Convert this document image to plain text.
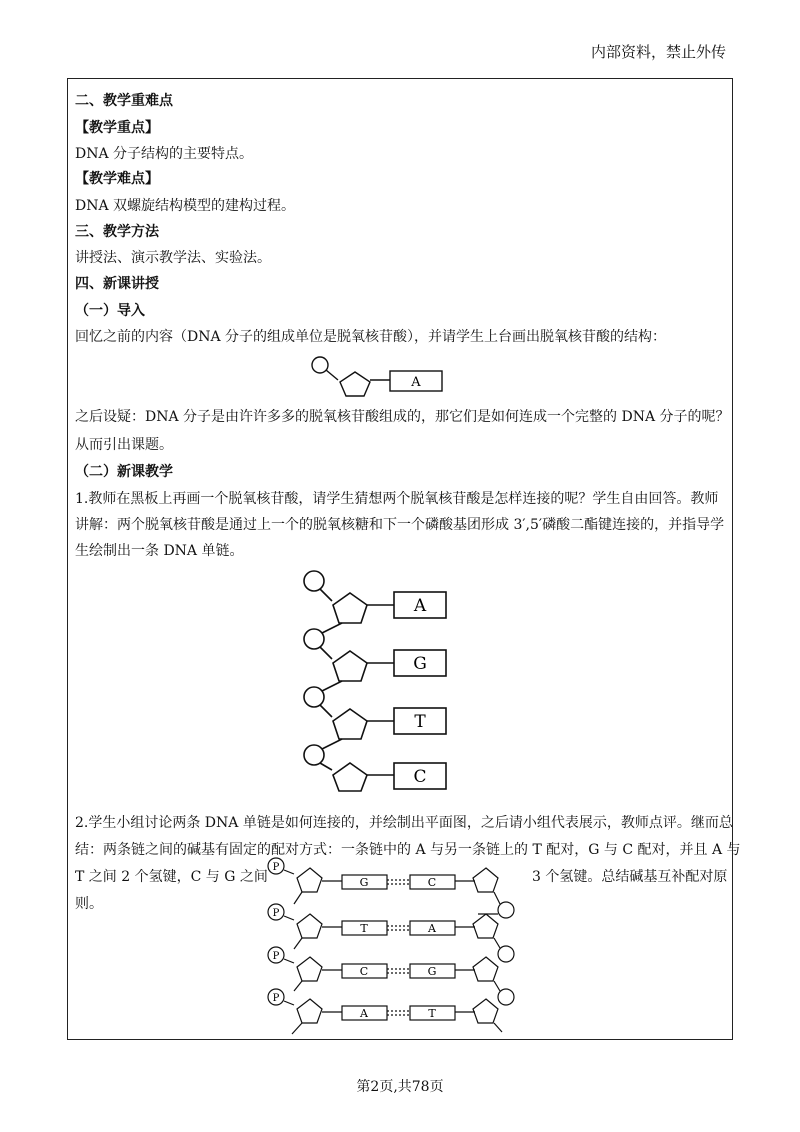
内部资料，禁止外传
二、教学重难点
【教学重点】
DNA 分子结构的主要特点。
【教学难点】
DNA 双螺旋结构模型的建构过程。
三、教学方法
讲授法、演示教学法、实验法。
四、新课讲授
（一）导入
回忆之前的内容（DNA 分子的组成单位是脱氧核苷酸），并请学生上台画出脱氧核苷酸的结构：
A
之后设疑：DNA 分子是由许许多多的脱氧核苷酸组成的，那它们是如何连成一个完整的 DNA 分子的呢？
从而引出课题。
（二）新课教学
1.教师在黑板上再画一个脱氧核苷酸，请学生猜想两个脱氧核苷酸是怎样连接的呢？学生自由回答。教师
讲解：两个脱氧核苷酸是通过上一个的脱氧核糖和下一个磷酸基团形成 3′,5′磷酸二酯键连接的，并指导学
生绘制出一条 DNA 单链。
A
G
T
C
2.学生小组讨论两条 DNA 单链是如何连接的，并绘制出平面图，之后请小组代表展示，教师点评。继而总
结：两条链之间的碱基有固定的配对方式：一条链中的 A 与另一条链上的 T 配对，G 与 C 配对，并且 A 与
T 之间 2 个氢键，C 与 G 之间	3 个氢键。总结碱基互补配对原
则。
P
P
P
P
G	C
T	A
C	G
A	T
第2页,共78页
